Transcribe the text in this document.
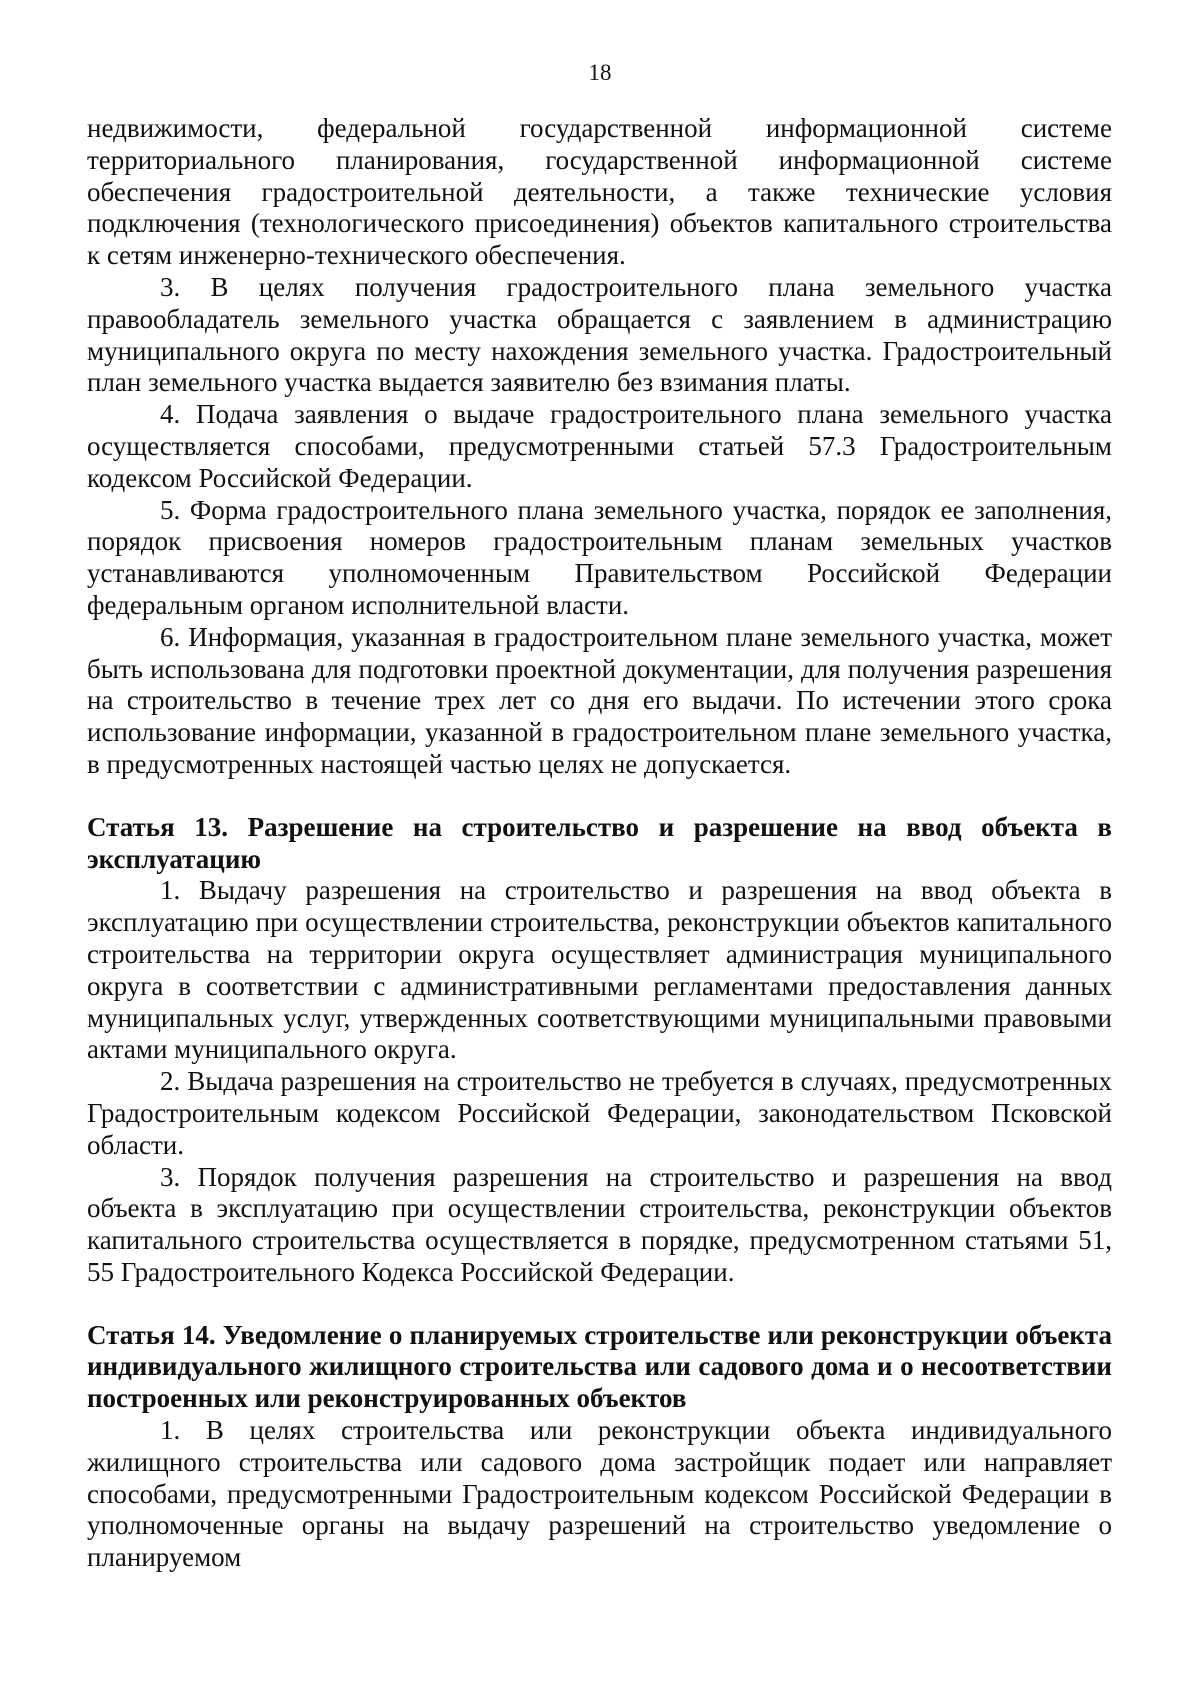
18

недвижимости, федеральной государственной информационной системе территориального планирования, государственной информационной системе обеспечения градостроительной деятельности, а также технические условия подключения (технологического присоединения) объектов капитального строительства к сетям инженерно-технического обеспечения.

3. В целях получения градостроительного плана земельного участка правообладатель земельного участка обращается с заявлением в администрацию муниципального округа по месту нахождения земельного участка. Градостроительный план земельного участка выдается заявителю без взимания платы.

4. Подача заявления о выдаче градостроительного плана земельного участка осуществляется способами, предусмотренными статьей 57.3 Градостроительным кодексом Российской Федерации.

5. Форма градостроительного плана земельного участка, порядок ее заполнения, порядок присвоения номеров градостроительным планам земельных участков устанавливаются уполномоченным Правительством Российской Федерации федеральным органом исполнительной власти.

6. Информация, указанная в градостроительном плане земельного участка, может быть использована для подготовки проектной документации, для получения разрешения на строительство в течение трех лет со дня его выдачи. По истечении этого срока использование информации, указанной в градостроительном плане земельного участка, в предусмотренных настоящей частью целях не допускается.

Статья 13. Разрешение на строительство и разрешение на ввод объекта в эксплуатацию

1. Выдачу разрешения на строительство и разрешения на ввод объекта в эксплуатацию при осуществлении строительства, реконструкции объектов капитального строительства на территории округа осуществляет администрация муниципального округа в соответствии с административными регламентами предоставления данных муниципальных услуг, утвержденных соответствующими муниципальными правовыми актами муниципального округа.

2. Выдача разрешения на строительство не требуется в случаях, предусмотренных Градостроительным кодексом Российской Федерации, законодательством Псковской области.

3. Порядок получения разрешения на строительство и разрешения на ввод объекта в эксплуатацию при осуществлении строительства, реконструкции объектов капитального строительства осуществляется в порядке, предусмотренном статьями 51, 55 Градостроительного Кодекса Российской Федерации.

Статья 14. Уведомление о планируемых строительстве или реконструкции объекта индивидуального жилищного строительства или садового дома и о несоответствии построенных или реконструированных объектов

1. В целях строительства или реконструкции объекта индивидуального жилищного строительства или садового дома застройщик подает или направляет способами, предусмотренными Градостроительным кодексом Российской Федерации в уполномоченные органы на выдачу разрешений на строительство уведомление о планируемом
